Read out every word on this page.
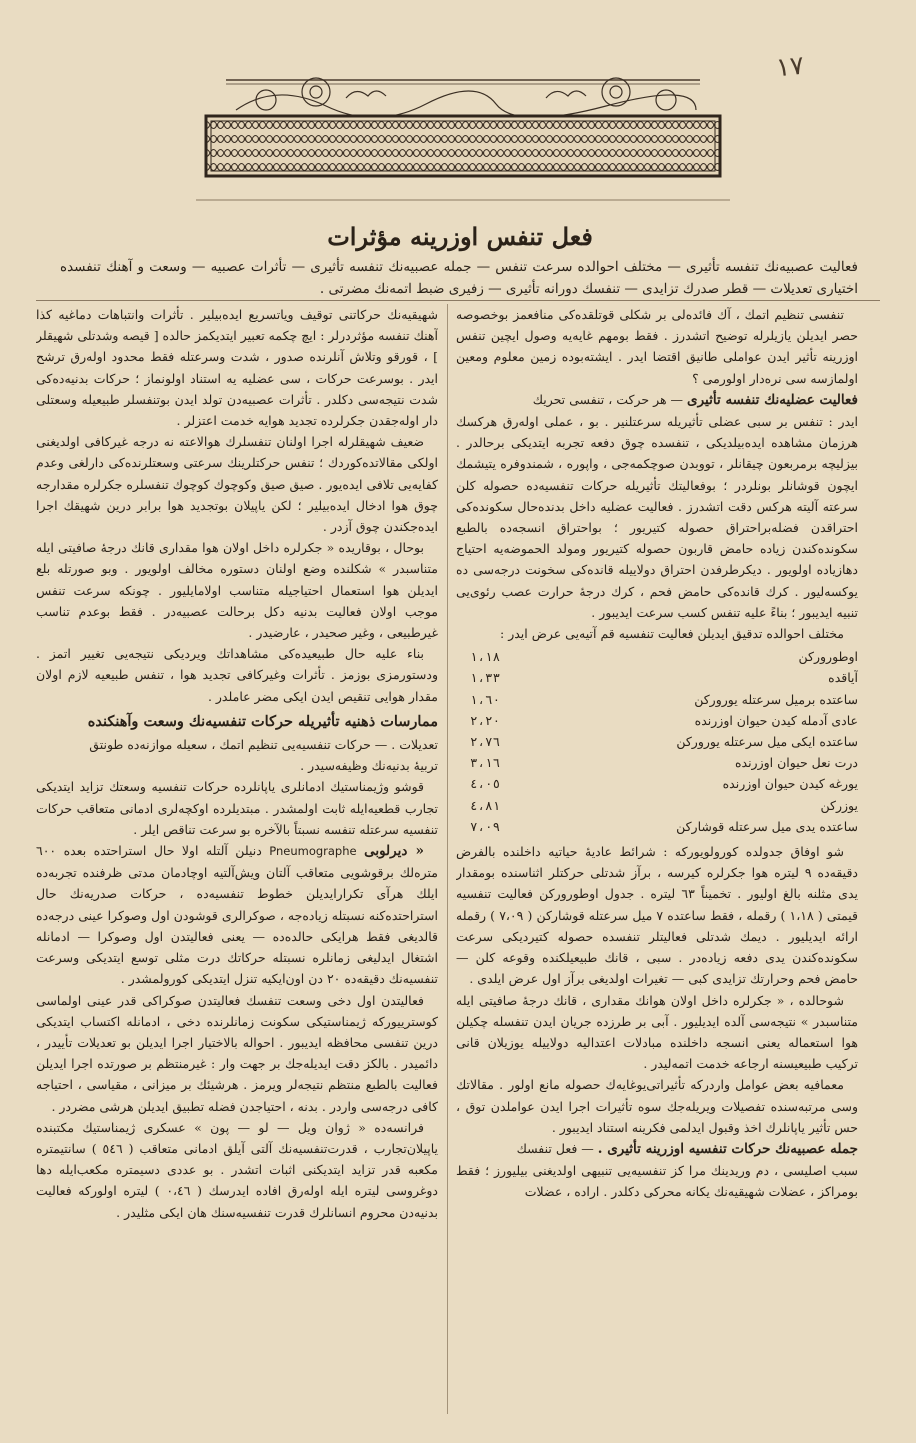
١٧
فعل تنفس اوزرینه مؤثرات

فعالیت عصبیه‌نك تنفسه تأثیری — مختلف احوالده سرعت تنفس — جمله عصبیه‌نك تنفسه تأثیری — تأثرات عصبیه — وسعت و آهنك تنفسده اختیاری تعدیلات — قطر صدرك تزایدی — تنفسك دورانه تأثیری — زفیری ضبط اتمه‌نك مضرتی .

تنفسی تنظیم اتمك ، آك فائده‌لی بر شكلی قوتلقده‌كی منافعمز بوخصوصه حصر ایدیلن یازیلرله توضیح اتشدرز . فقط بومهم غایه‌یه وصول ایچین تنفس اوزرینه تأثیر ایدن عواملی طانیق اقتضا ایدر . ایشته‌بوده زمین معلوم ومعین اولمازسه سی نره‌دار اولورمی ؟

فعالیت عضلیه‌نك تنفسه تأثیری — هر حركت ، تنفسی تحریك

ایدر : تنفس بر سبی عضلی تأثیریله سرعتلنیر . بو ، عملی اوله‌رق هركسك هرزمان مشاهده ایده‌بیلدیكی ، تنفسده چوق دفعه تجربه ایتدیكی برحالدر . بیزلیچه برمربعون چیقانلر ، تووبدن صوچكمه‌جی ، واپوره ، شمندوفره یتیشمك ایچون قوشانلر بونلردر ؛ بوفعالیتك تأثیریله حركات تنفسیه‌ده حصوله كلن سرعته آلیته هركس دقت اتشدرز . فعالیت عضلیه داخل بدنده‌حال سكونده‌كی احتراقدن فضله‌براحتراق حصوله كتیریور ؛ بواحتراق انسجه‌ده بالطبع سكونده‌كندن زیاده حامض قاربون حصوله كتیریور ومولد الحموضه‌یه احتیاج دهازیاده اولویور . دیكرطرفدن احتراق دولاییله قانده‌كی سخونت درجه‌سی ده یوكسه‌لیور . كرك قانده‌كی حامض فحم ، كرك درجۀ حرارت عصب رئوی‌یی تنبیه ایدیبور ؛ بناءً علیه تنفس كسب سرعت ایدیبور .

مختلف احوالده تدقیق ایدیلن فعالیت تنفسیه قم آتیه‌یی عرض ایدر :

اوطورورکن	١،١٨
آیاقده	١،٣٣
ساعتده برمیل سرعتله یوروركن	١،٦٠
عادی آدمله كیدن حیوان اوزرنده	٢،٢٠
ساعتده ایكی میل سرعتله یوروركن	٢،٧٦
درت نعل حیوان اوزرنده	٣،١٦
یورغه كیدن حیوان اوزرنده	٤،٠٥
یوزركن	٤،٨١
ساعتده یدی میل سرعتله قوشاركن	٧،٠٩

شو اوفاق جدولده كورولویوركه : شرائط عادیۀ حیاتیه داخلنده بالفرض دقیقه‌ده ٩ لیتره هوا جكرلره كیرسه ، برآز شدتلی حركتلر اثناسنده بومقدار یدی مثلنه بالغ اولیور . تخمیناً ٦٣ لیتره . جدول اوطورورکن فعالیت تنفسیه قیمتی ( ١،١٨ ) رقمله ، فقط ساعتده ٧ میل سرعتله قوشاركن ( ٧،٠٩ ) رقمله ارائه ایدیلیور . دیمك شدتلی فعالیتلر تنفسده حصوله كتیردیكی سرعت سكونده‌كندن یدی دفعه زیاده‌در . سبی ، قانك طبیعیلكنده وقوعه كلن — حامض فحم وحرارتك تزایدی كبی — تغیرات اولدیغی برآز اول عرض ایلدی .

شوحالده ، « جكرلره داخل اولان هوانك مقداری ، قانك درجۀ صافیتی ایله متناسبدر » نتیجه‌سی آلده ایدیلیور . آبی بر طرزده جریان ایدن تنفسله چكیلن هوا استعماله یعنی انسجه داخلنده مبادلات اعتدالیه دولاییله یوزیلان قانی تركیب طبیعیسنه ارجاعه خدمت اتمه‌لیدر .

معمافیه بعض عوامل واردركه تأثیراتی‌یوغایه‌ك حصوله مانع اولور . مقالاتك وسی مرتبه‌سنده تفصیلات ویریله‌جك سوه تأثیرات اجرا ایدن عواملدن توق ، حس تأثیر یاپانلرك اخذ وقبول ایدلمی فكرینه استناد ایدیبور .

جمله عصبیه‌نك حركات تنفسیه اوزرینه تأثیری . — فعل تنفسك

سبب اصلیسی ، دم وریدینك مرا كز تنفسیه‌یی تنبیهی اولدیغنی بیلیورز ؛ فقط بومراكز ، عضلات شهیقیه‌نك یكانه محركی دكلدر . اراده ، عضلات

شهیقیه‌نك حركاتنی توقیف ویاتسریع ایده‌بیلیر . تأثرات وانتباهات دماغیه كذا آهنك تنفسه مؤثردرلر : ایچ چكمه تعبیر ایتدیكمز حالده [ قیصه وشدتلی شهیقلر ] ، قورقو وتلاش آنلرنده صدور ، شدت وسرعتله فقط محدود اولەرق ترشح ایدر . بوسرعت حركات ، سی عضلیه یه استناد اولونماز ؛ حركات بدنیه‌ده‌كی شدت نتیجه‌سی دكلدر . تأثرات عصبیه‌دن تولد ایدن بوتنفسلر طبیعیله وسعتلی دار اوله‌جقدن جكرلرده تجدید هوایه خدمت اعتزلر .

ضعیف شهیقلرله اجرا اولنان تنفسلرك هوالاعته نه درجه غیركافی اولدیغنی اولكی مقالاتده‌كوردك ؛ تنفس حركتلرینك سرعتی وسعتلرنده‌كی دارلغی وعدم كفایه‌یی تلافی ایده‌یور . صیق صیق وكوچوك كوچوك تنفسلره جكرلره مقدارجه چوق هوا ادخال ایده‌بیلیر ؛ لكن یاپیلان بوتجدید هوا برابر درین شهیقك اجرا ایده‌جكندن چوق آزدر .

بوحال ، بوقاریده « جكرلره داخل اولان هوا مقداری قانك درجۀ صافیتی ایله متناسبدر » شكلنده وضع اولنان دستوره مخالف اولویور . وبو صورتله بلع ایدیلن هوا استعمال احتیاجیله متناسب اولامایلیور . چونكه سرعت تنفس موجب اولان فعالیت بدنیه دكل برحالت عصبیه‌در . فقط بوعدم تناسب غیرطبیعی ، وغیر صحیدر ، عارضیدر .

بناء علیه حال طبیعیده‌كی مشاهداتك ویردیكی نتیجه‌یی تغییر اتمز . ودستورمزی بوزمز . تأثرات وغیركافی تجدید هوا ، تنفس طبیعیه لازم اولان مقدار هوایی تنقیص ایدن ایكی مضر عاملدر .

ممارسات ذهنیه تأثیریله حركات تنفسیه‌نك وسعت وآهنكنده

تعدیلات . — حركات تنفسیه‌یی تنظیم اتمك ، سعیله موازنه‌ده طونتق

تربیۀ بدنیه‌نك وظیفه‌سیدر .

قوشو وژیمناستیك ادمانلری یاپانلرده حركات تنفسیه وسعتك تزاید ایتدیكی تجارب قطعیه‌ایله ثابت اولمشدر . مبتدیلرده اوكچه‌لری ادمانی متعاقب حركات تنفسیه سرعتله تنفسه نسبتاً بالآخره بو سرعت تناقص ایلر .

« دیرلوبی Pneumographe دنیلن آلتله اولا حال استراحتده بعده ٦٠٠ متره‌لك برقوشویی متعاقب آلتان ویش‌آلتیه اوچادمان مدتی ظرفنده تجربه‌ده ایلك هرآی تكرارایدیلن خطوط تنفسیه‌ده ، حركات صدریه‌نك حال استراحتده‌كنه نسبتله زیاده‌جه ، صوكرالری قوشودن اول وصوكرا عینی درجه‌ده قالدیغی فقط هرایكی حالده‌ده — یعنی فعالیتدن اول وصوكرا — ادمانله اشتغال ایدلیغی زمانلره نسبتله حركاتك درت مثلی توسع ایتدیكی وسرعت تنفسیه‌نك دقیقه‌ده ٢٠ دن اون‌ایكیه تنزل ایتدیكی كورولمشدر .

فعالیتدن اول دخی وسعت تنفسك فعالیتدن صوكراكی قدر عینی اولماسی كوسترییوركه ژیمناستیكی سكونت زمانلرنده دخی ، ادمانله اكتساب ایتدیكی درین تنفسی محافظه ایدیبور . احواله بالاختیار اجرا ایدیلن بو تعدیلات تأییدر ، دائمیدر . بالكز دقت ایدیله‌جك بر جهت وار : غیرمنتظم بر صورتده اجرا ایدیلن فعالیت بالطبع منتظم نتیجه‌لر ویرمز . هرشیئك بر میزانی ، مقیاسی ، احتیاجه كافی درجه‌سی واردر . بدنه ، احتیاجدن فضله تطبیق ایدیلن هرشی مضردر .

فرانسه‌ده « ژوان ویل — لو — پون » عسكری ژیمناستیك مكتبنده یاپیلان‌تجارب ، قدرت‌تنفسیه‌نك آلتی آیلق ادمانی متعاقب ( ٥٤٦ ) سانتیمتره مكعبه قدر تزاید ایتدیكنی اثبات اتشدر . بو عددی دسیمتره مكعب‌ایله دها دوغروسی لیتره ایله اوله‌رق افاده ایدرسك ( ٠،٤٦ ) لیتره اولوركه فعالیت بدنیه‌دن محروم انسانلرك قدرت تنفسیه‌سنك هان ایكی مثلیدر .
